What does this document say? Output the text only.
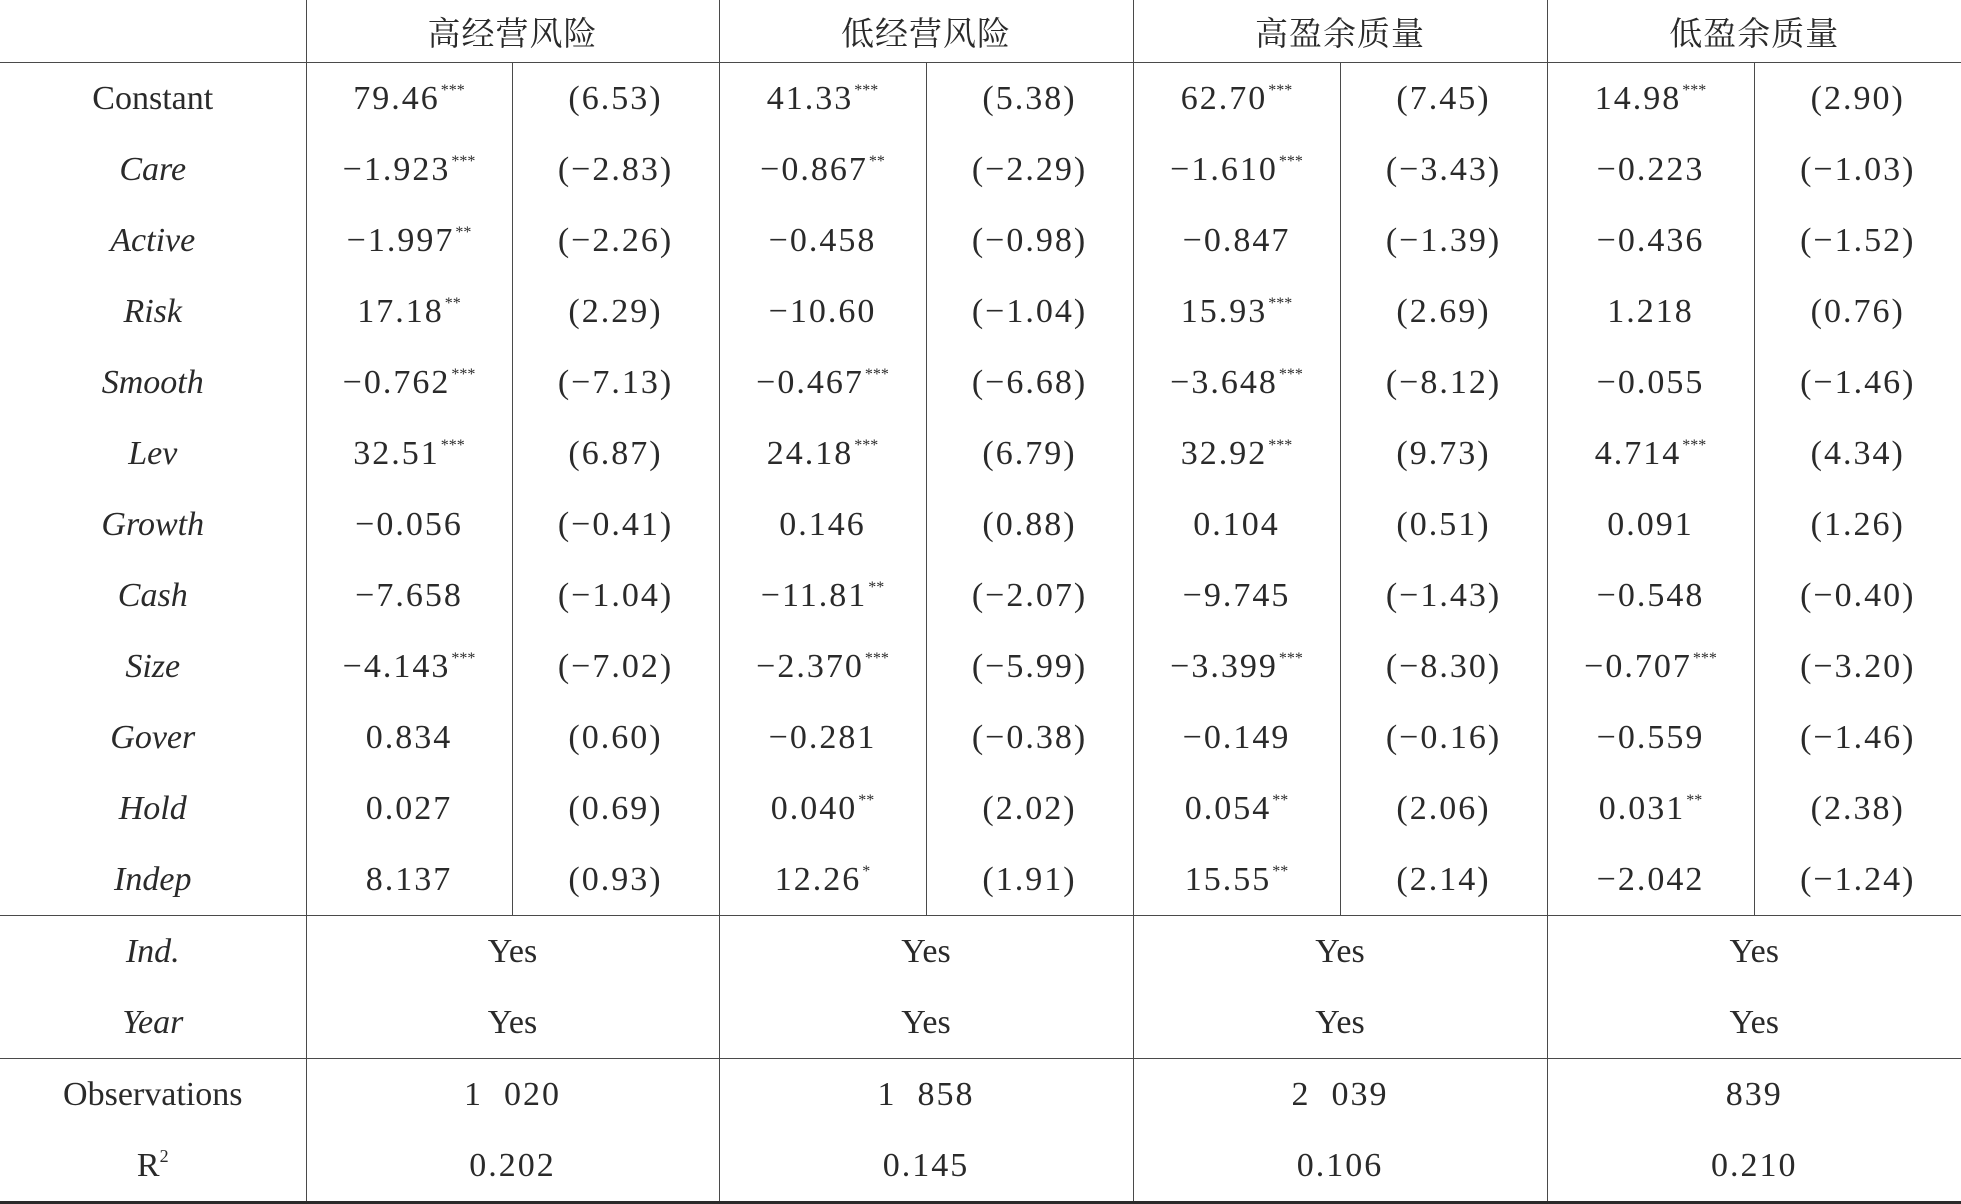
	高经营风险		低经营风险		高盈余质量		低盈余质量	
Constant	79.46***	(6.53)	41.33***	(5.38)	62.70***	(7.45)	14.98***	(2.90)
Care	−1.923***	(−2.83)	−0.867**	(−2.29)	−1.610***	(−3.43)	−0.223	(−1.03)
Active	−1.997**	(−2.26)	−0.458	(−0.98)	−0.847	(−1.39)	−0.436	(−1.52)
Risk	17.18**	(2.29)	−10.60	(−1.04)	15.93***	(2.69)	1.218	(0.76)
Smooth	−0.762***	(−7.13)	−0.467***	(−6.68)	−3.648***	(−8.12)	−0.055	(−1.46)
Lev	32.51***	(6.87)	24.18***	(6.79)	32.92***	(9.73)	4.714***	(4.34)
Growth	−0.056	(−0.41)	0.146	(0.88)	0.104	(0.51)	0.091	(1.26)
Cash	−7.658	(−1.04)	−11.81**	(−2.07)	−9.745	(−1.43)	−0.548	(−0.40)
Size	−4.143***	(−7.02)	−2.370***	(−5.99)	−3.399***	(−8.30)	−0.707***	(−3.20)
Gover	0.834	(0.60)	−0.281	(−0.38)	−0.149	(−0.16)	−0.559	(−1.46)
Hold	0.027	(0.69)	0.040**	(2.02)	0.054**	(2.06)	0.031**	(2.38)
Indep	8.137	(0.93)	12.26*	(1.91)	15.55**	(2.14)	−2.042	(−1.24)
Ind.	Yes		Yes		Yes		Yes	
Year	Yes		Yes		Yes		Yes	
Observations	1  020		1  858		2  039		839	
$R^2$	0.202		0.145		0.106		0.210	
